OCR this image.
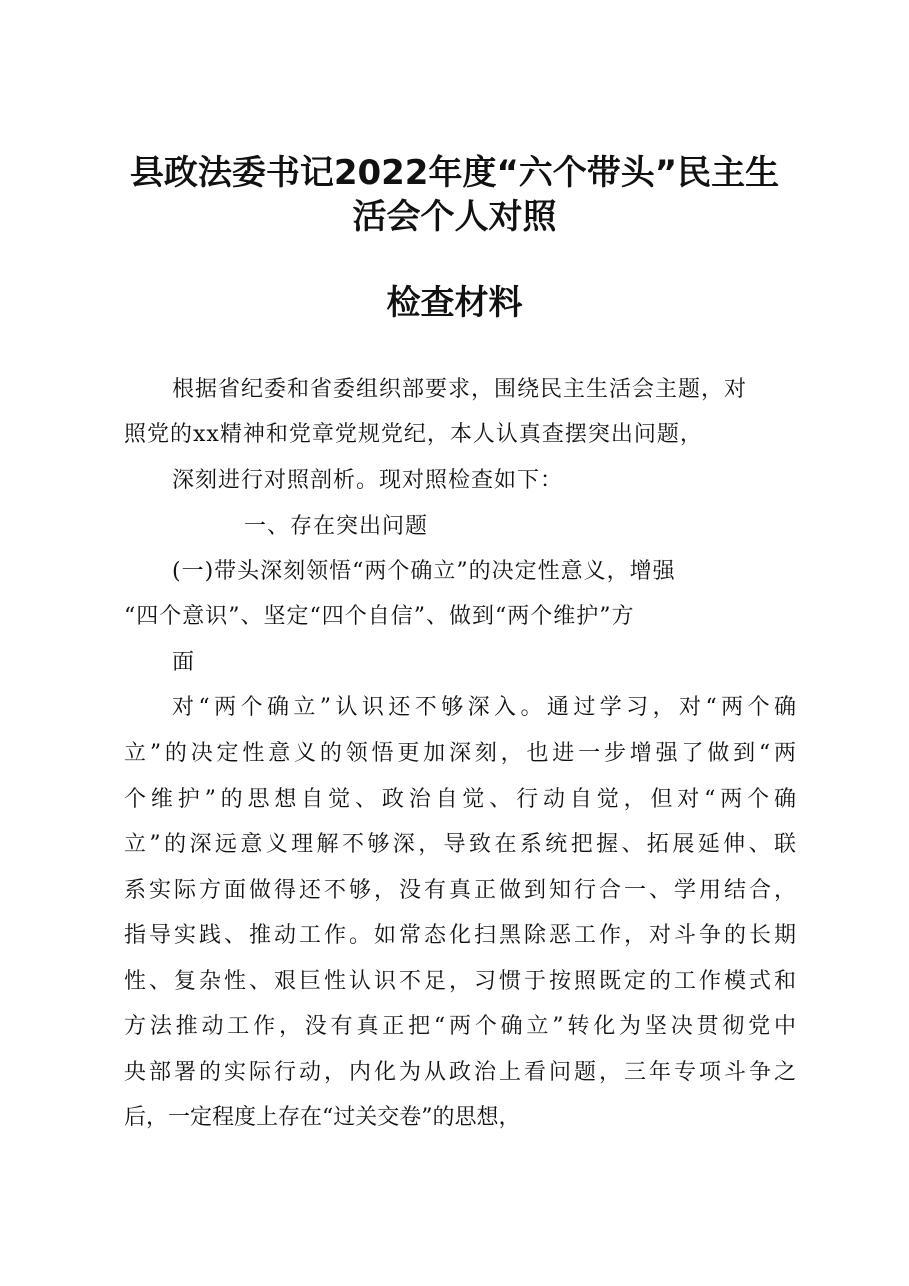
县政法委书记2022年度“六个带头”民主生
活会个人对照
检查材料
根据省纪委和省委组织部要求，围绕民主生活会主题，对
照党的xx精神和党章党规党纪，本人认真查摆突出问题，
深刻进行对照剖析。现对照检查如下：
一、存在突出问题
(一)带头深刻领悟“两个确立”的决定性意义，增强
“四个意识”、坚定“四个自信”、做到“两个维护”方
面
对“两个确立”认识还不够深入。通过学习，对“两个确
立”的决定性意义的领悟更加深刻，也进一步增强了做到“两
个维护”的思想自觉、政治自觉、行动自觉，但对“两个确
立”的深远意义理解不够深，导致在系统把握、拓展延伸、联
系实际方面做得还不够，没有真正做到知行合一、学用结合，
指导实践、推动工作。如常态化扫黑除恶工作，对斗争的长期
性、复杂性、艰巨性认识不足，习惯于按照既定的工作模式和
方法推动工作，没有真正把“两个确立”转化为坚决贯彻党中
央部署的实际行动，内化为从政治上看问题，三年专项斗争之
后，一定程度上存在“过关交卷”的思想，
